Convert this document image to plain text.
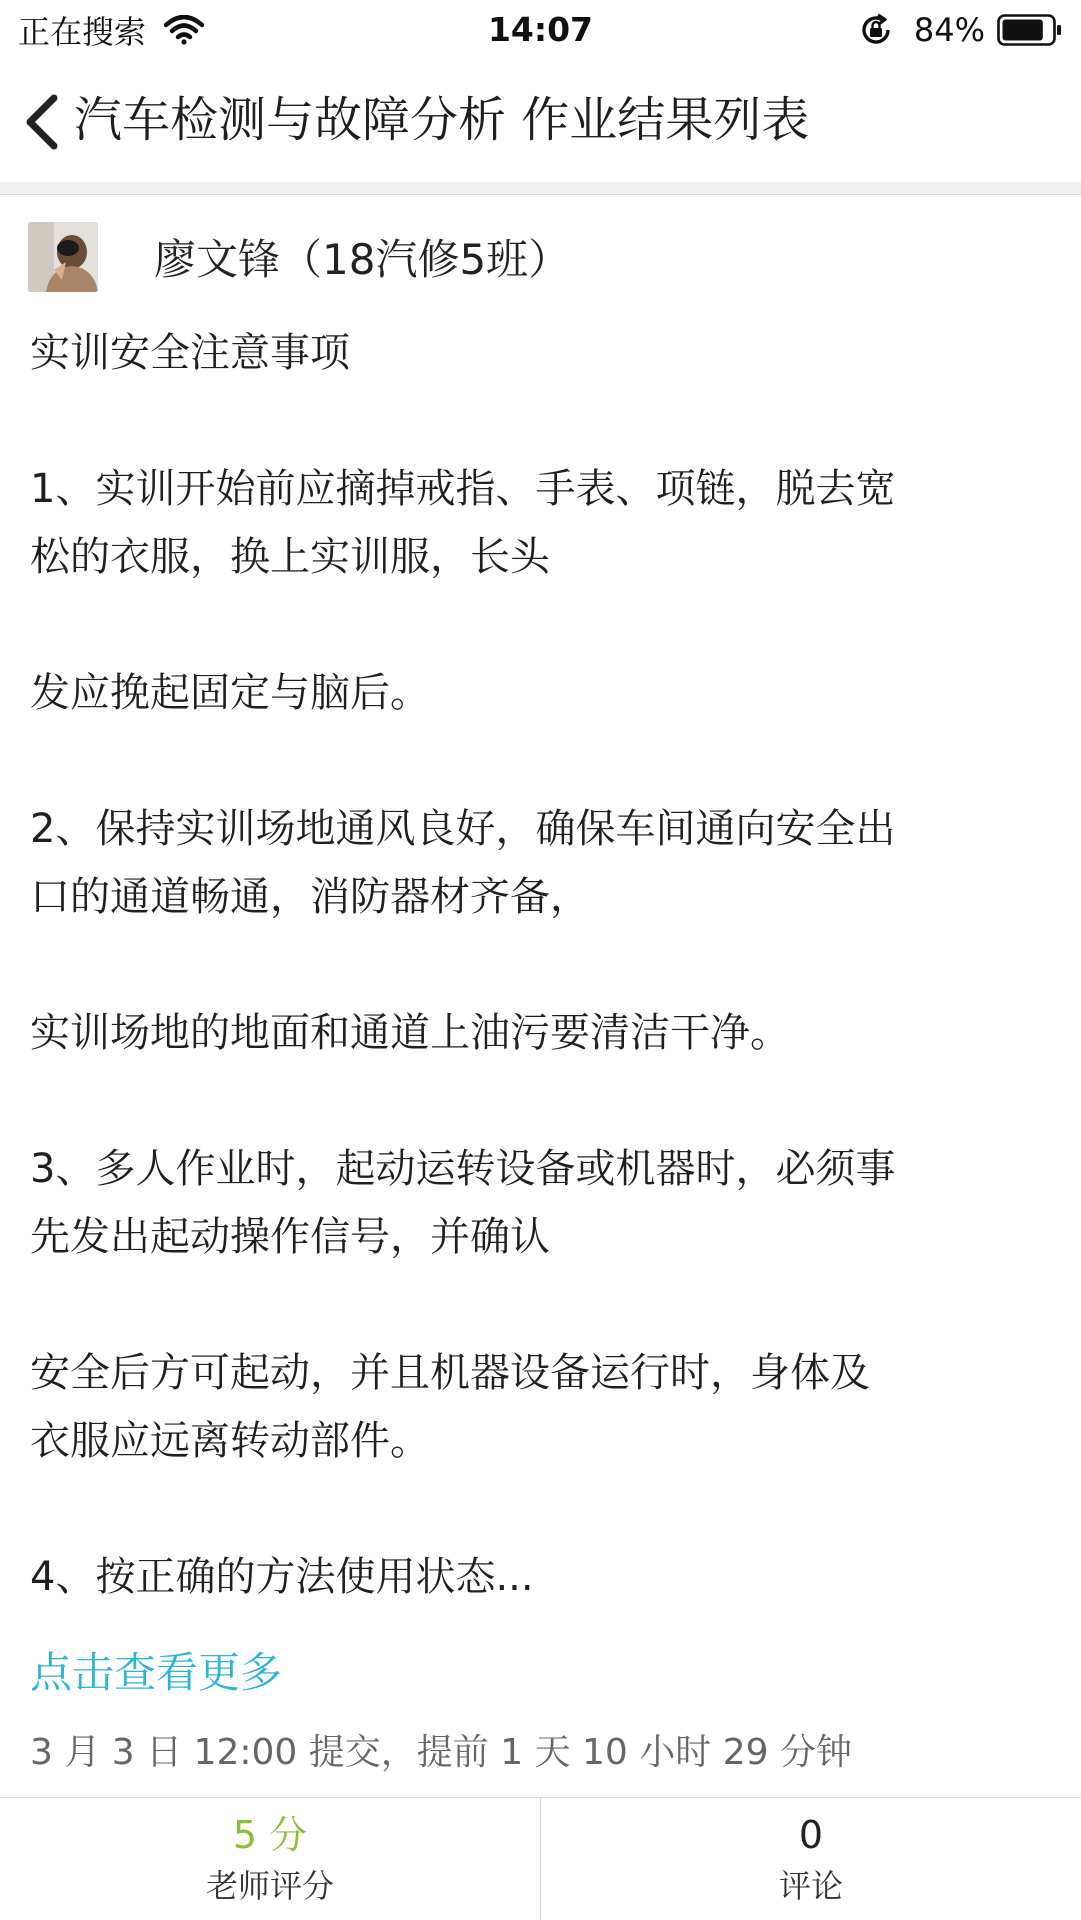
正在搜索	14:07	84%
汽车检测与故障分析 作业结果列表
廖文锋（18汽修5班）

实训安全注意事项

1、实训开始前应摘掉戒指、手表、项链，脱去宽

松的衣服，换上实训服，长头

发应挽起固定与脑后。

2、保持实训场地通风良好，确保车间通向安全出

口的通道畅通，消防器材齐备，

实训场地的地面和通道上油污要清洁干净。

3、多人作业时，起动运转设备或机器时，必须事

先发出起动操作信号，并确认

安全后方可起动，并且机器设备运行时，身体及

衣服应远离转动部件。

4、按正确的方法使用状态...

点击查看更多
3 月 3 日 12:00 提交，提前 1 天 10 小时 29 分钟
5 分
老师评分
0
评论
